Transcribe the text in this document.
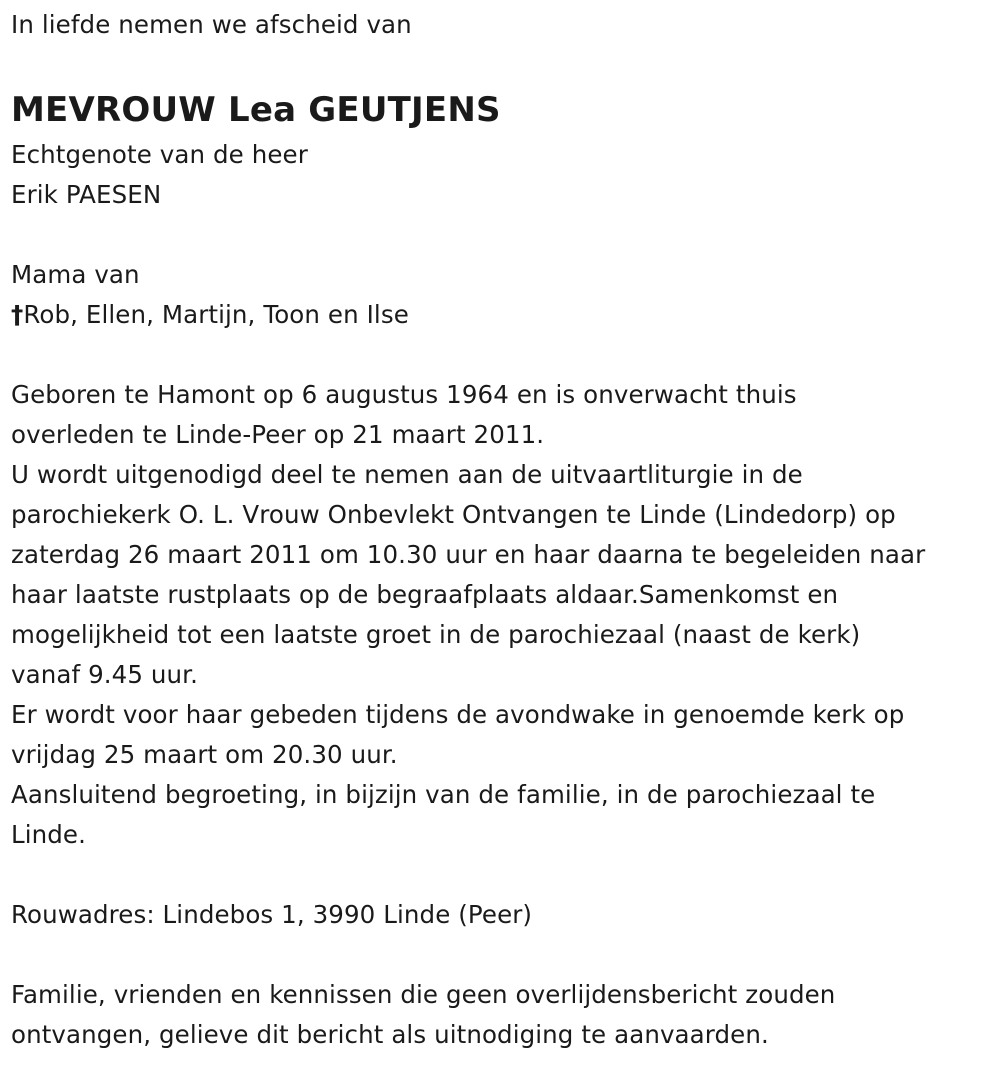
In liefde nemen we afscheid van
MEVROUW Lea GEUTJENS
Echtgenote van de heer
Erik PAESEN
Mama van
†Rob, Ellen, Martijn, Toon en Ilse
Geboren te Hamont op 6 augustus 1964 en is onverwacht thuis
overleden te Linde-Peer op 21 maart 2011.
U wordt uitgenodigd deel te nemen aan de uitvaartliturgie in de
parochiekerk O. L. Vrouw Onbevlekt Ontvangen te Linde (Lindedorp) op
zaterdag 26 maart 2011 om 10.30 uur en haar daarna te begeleiden naar
haar laatste rustplaats op de begraafplaats aldaar.Samenkomst en
mogelijkheid tot een laatste groet in de parochiezaal (naast de kerk)
vanaf 9.45 uur.
Er wordt voor haar gebeden tijdens de avondwake in genoemde kerk op
vrijdag 25 maart om 20.30 uur.
Aansluitend begroeting, in bijzijn van de familie, in de parochiezaal te
Linde.
Rouwadres: Lindebos 1, 3990 Linde (Peer)
Familie, vrienden en kennissen die geen overlijdensbericht zouden
ontvangen, gelieve dit bericht als uitnodiging te aanvaarden.
